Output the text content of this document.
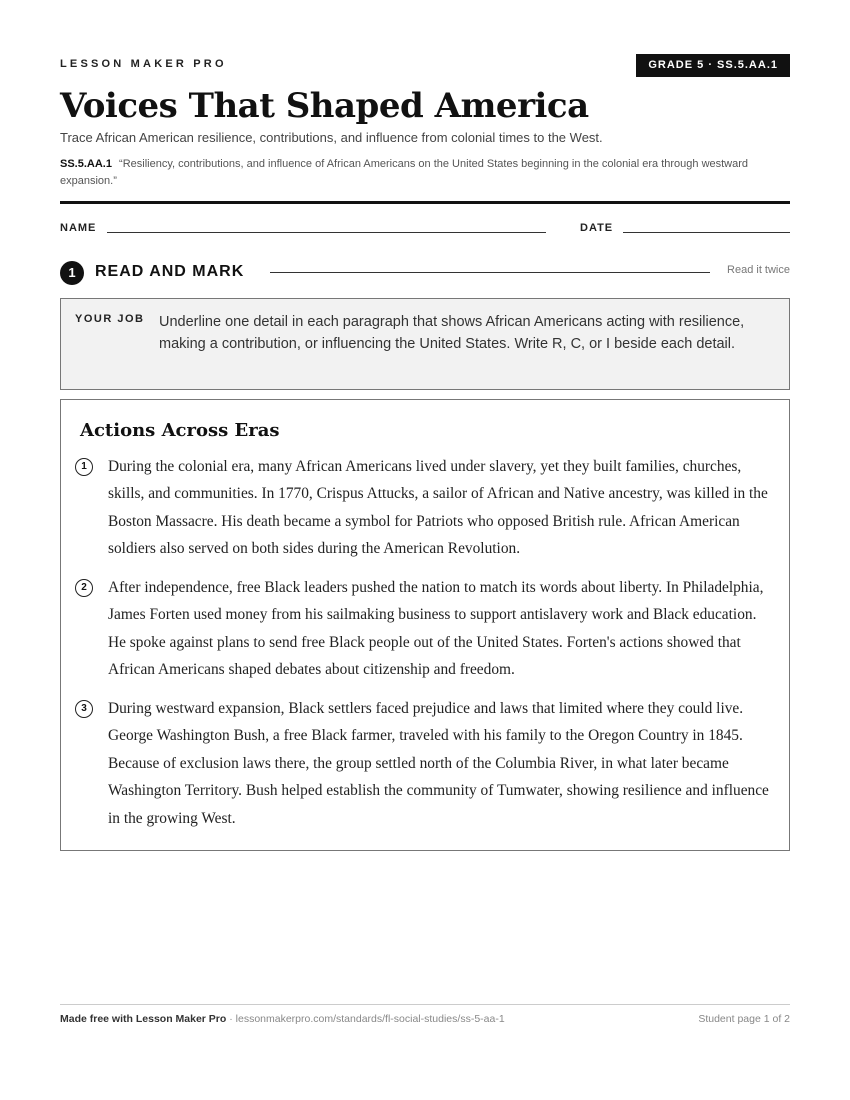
LESSON MAKER PRO	GRADE 5 · SS.5.AA.1
Voices That Shaped America
Trace African American resilience, contributions, and influence from colonial times to the West.
SS.5.AA.1 “Resiliency, contributions, and influence of African Americans on the United States beginning in the colonial era through westward expansion.”
NAME	DATE
1	READ AND MARK	Read it twice
YOUR JOB Underline one detail in each paragraph that shows African Americans acting with resilience, making a contribution, or influencing the United States. Write R, C, or I beside each detail.
Actions Across Eras
1	During the colonial era, many African Americans lived under slavery, yet they built families, churches, skills, and communities. In 1770, Crispus Attucks, a sailor of African and Native ancestry, was killed in the Boston Massacre. His death became a symbol for Patriots who opposed British rule. African American soldiers also served on both sides during the American Revolution.
2	After independence, free Black leaders pushed the nation to match its words about liberty. In Philadelphia, James Forten used money from his sailmaking business to support antislavery work and Black education. He spoke against plans to send free Black people out of the United States. Forten's actions showed that African Americans shaped debates about citizenship and freedom.
3	During westward expansion, Black settlers faced prejudice and laws that limited where they could live. George Washington Bush, a free Black farmer, traveled with his family to the Oregon Country in 1845. Because of exclusion laws there, the group settled north of the Columbia River, in what later became Washington Territory. Bush helped establish the community of Tumwater, showing resilience and influence in the growing West.
Made free with Lesson Maker Pro · lessonmakerpro.com/standards/fl-social-studies/ss-5-aa-1	Student page 1 of 2
